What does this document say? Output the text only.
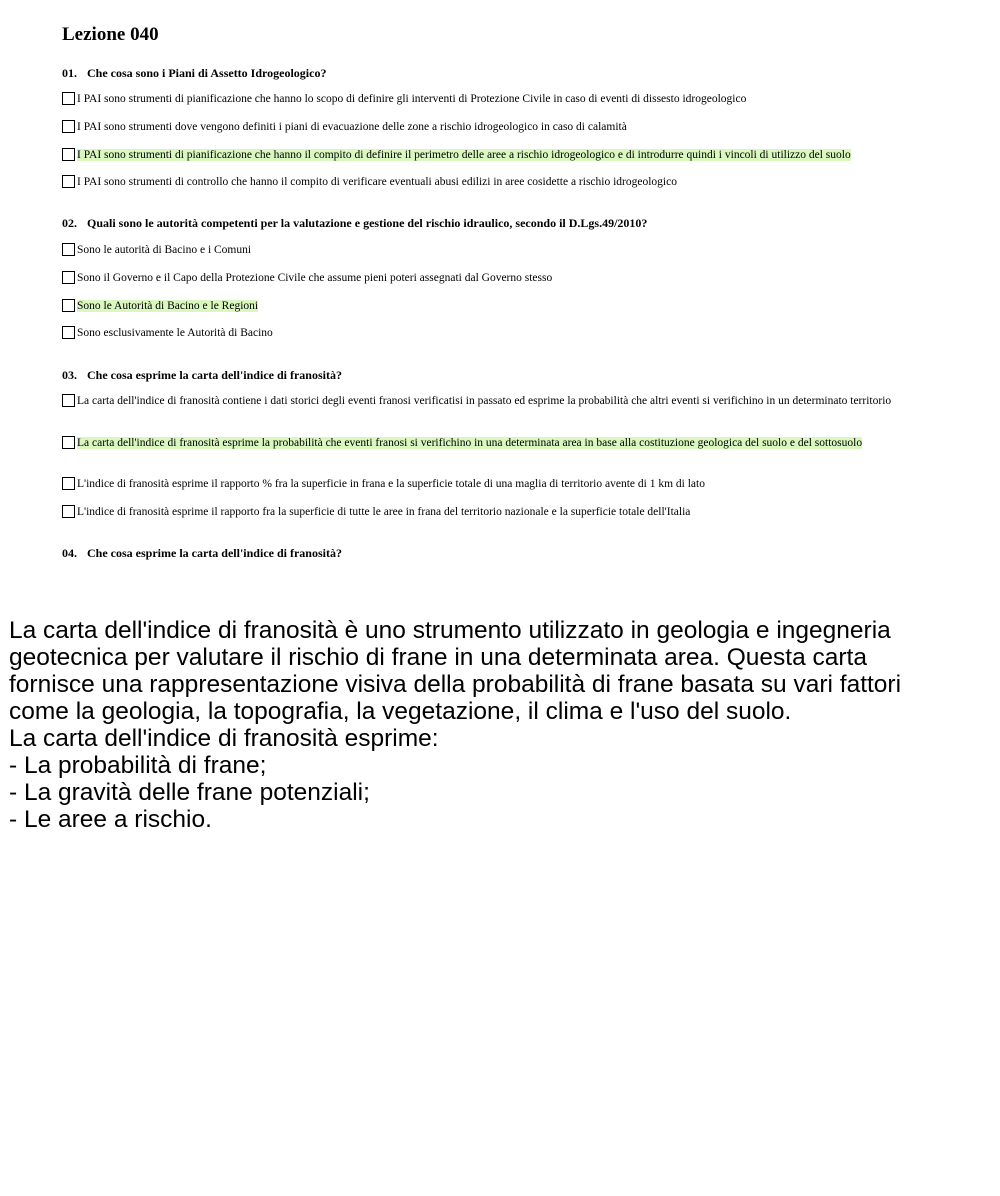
Lezione 040
01. Che cosa sono i Piani di Assetto Idrogeologico?
I PAI sono strumenti di pianificazione che hanno lo scopo di definire gli interventi di Protezione Civile in caso di eventi di dissesto idrogeologico
I PAI sono strumenti dove vengono definiti i piani di evacuazione delle zone a rischio idrogeologico in caso di calamità
I PAI sono strumenti di pianificazione che hanno il compito di definire il perimetro delle aree a rischio idrogeologico e di introdurre quindi i vincoli di utilizzo del suolo
I PAI sono strumenti di controllo che hanno il compito di verificare eventuali abusi edilizi in aree cosidette a rischio idrogeologico
02. Quali sono le autorità competenti per la valutazione e gestione del rischio idraulico, secondo il D.Lgs.49/2010?
Sono le autorità di Bacino e i Comuni
Sono il Governo e il Capo della Protezione Civile che assume pieni poteri assegnati dal Governo stesso
Sono le Autorità di Bacino e le Regioni
Sono esclusivamente le Autorità di Bacino
03. Che cosa esprime la carta dell'indice di franosità?
La carta dell'indice di franosità contiene i dati storici degli eventi franosi verificatisi in passato ed esprime la probabilità che altri eventi si verifichino in un determinato territorio
La carta dell'indice di franosità esprime la probabilità che eventi franosi si verifichino in una determinata area in base alla costituzione geologica del suolo e del sottosuolo
L'indice di franosità esprime il rapporto % fra la superficie in frana e la superficie totale di una maglia di territorio avente di 1 km di lato
L'indice di franosità esprime il rapporto fra la superficie di tutte le aree in frana del territorio nazionale e la superficie totale dell'Italia
04. Che cosa esprime la carta dell'indice di franosità?

La carta dell'indice di franosità è uno strumento utilizzato in geologia e ingegneria

geotecnica per valutare il rischio di frane in una determinata area. Questa carta

fornisce una rappresentazione visiva della probabilità di frane basata su vari fattori

come la geologia, la topografia, la vegetazione, il clima e l'uso del suolo.

La carta dell'indice di franosità esprime:

- La probabilità di frane;

- La gravità delle frane potenziali;

- Le aree a rischio.
